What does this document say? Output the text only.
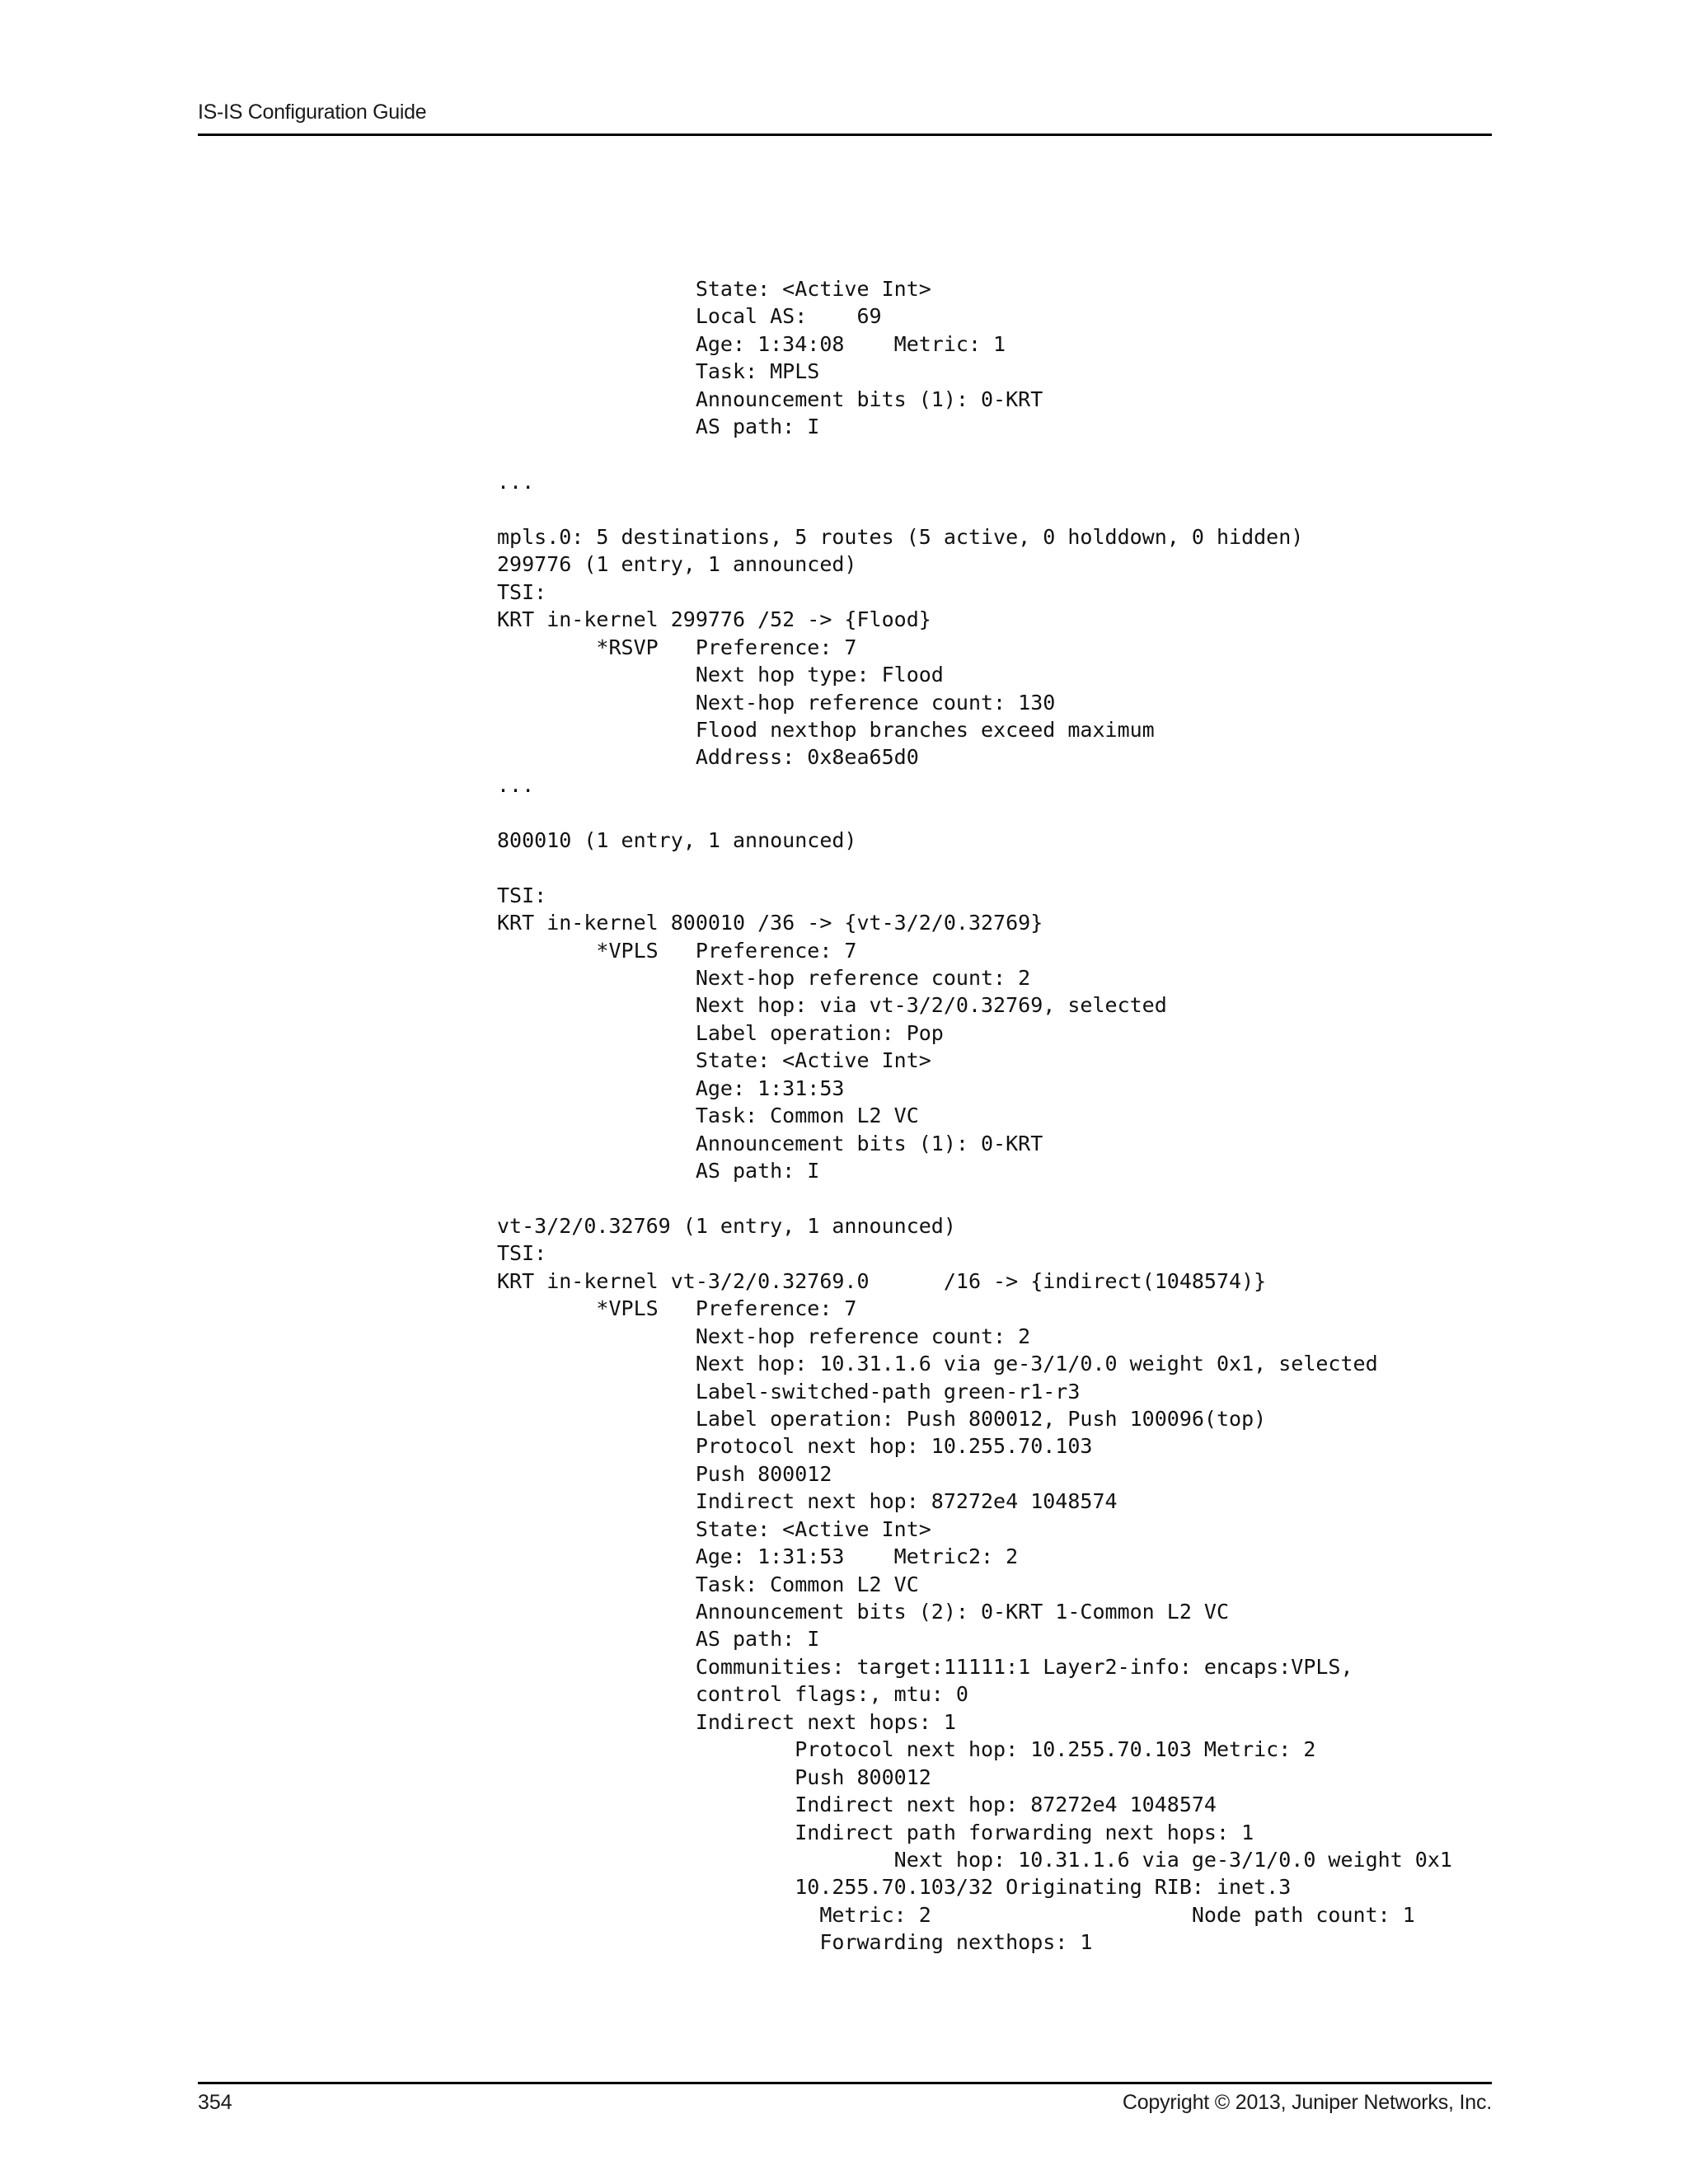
IS-IS Configuration Guide
State: <Active Int>
Local AS:    69
Age: 1:34:08    Metric: 1
Task: MPLS
Announcement bits (1): 0-KRT
AS path: I
...
mpls.0: 5 destinations, 5 routes (5 active, 0 holddown, 0 hidden)
299776 (1 entry, 1 announced)
TSI:
KRT in-kernel 299776 /52 -> {Flood}
*RSVP   Preference: 7
Next hop type: Flood
Next-hop reference count: 130
Flood nexthop branches exceed maximum
Address: 0x8ea65d0
...
800010 (1 entry, 1 announced)
TSI:
KRT in-kernel 800010 /36 -> {vt-3/2/0.32769}
*VPLS   Preference: 7
Next-hop reference count: 2
Next hop: via vt-3/2/0.32769, selected
Label operation: Pop
State: <Active Int>
Age: 1:31:53
Task: Common L2 VC
Announcement bits (1): 0-KRT
AS path: I
vt-3/2/0.32769 (1 entry, 1 announced)
TSI:
KRT in-kernel vt-3/2/0.32769.0      /16 -> {indirect(1048574)}
*VPLS   Preference: 7
Next-hop reference count: 2
Next hop: 10.31.1.6 via ge-3/1/0.0 weight 0x1, selected
Label-switched-path green-r1-r3
Label operation: Push 800012, Push 100096(top)
Protocol next hop: 10.255.70.103
Push 800012
Indirect next hop: 87272e4 1048574
State: <Active Int>
Age: 1:31:53    Metric2: 2
Task: Common L2 VC
Announcement bits (2): 0-KRT 1-Common L2 VC
AS path: I
Communities: target:11111:1 Layer2-info: encaps:VPLS,
control flags:, mtu: 0
Indirect next hops: 1
Protocol next hop: 10.255.70.103 Metric: 2
Push 800012
Indirect next hop: 87272e4 1048574
Indirect path forwarding next hops: 1
Next hop: 10.31.1.6 via ge-3/1/0.0 weight 0x1
10.255.70.103/32 Originating RIB: inet.3
Metric: 2                     Node path count: 1
Forwarding nexthops: 1
354	Copyright © 2013, Juniper Networks, Inc.
